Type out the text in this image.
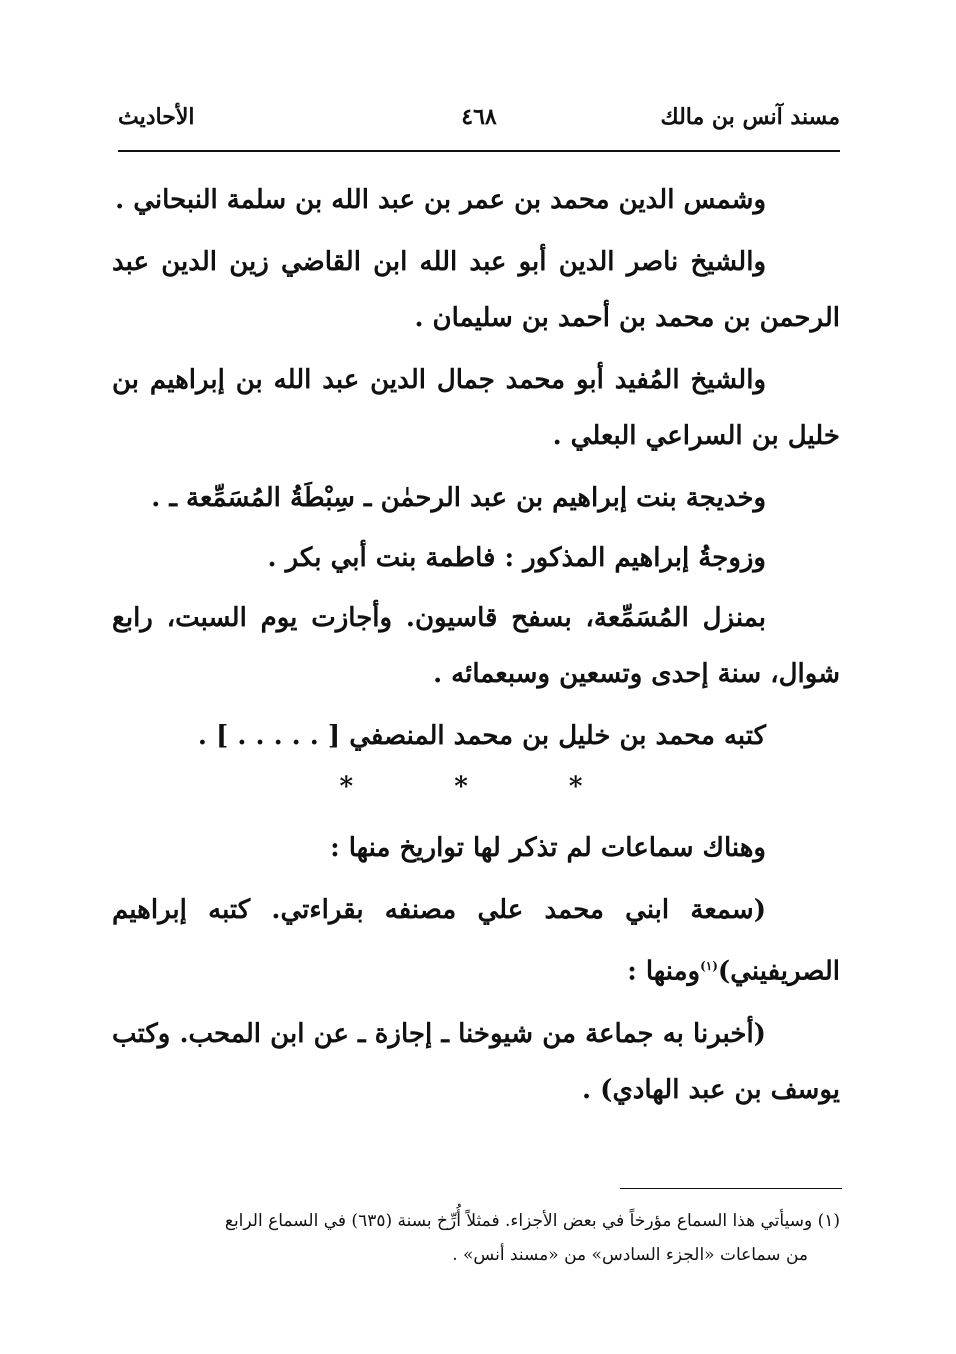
مسند آنس بن مالك
٤٦٨
الأحاديث

وشمس الدين محمد بن عمر بن عبد الله بن سلمة النبحاني .

والشيخ ناصر الدين أبو عبد الله ابن القاضي زين الدين عبد الرحمن بن محمد بن أحمد بن سليمان .

والشيخ المُفيد أبو محمد جمال الدين عبد الله بن إبراهيم بن خليل بن السراعي البعلي .

وخديجة بنت إبراهيم بن عبد الرحمٰن ـ سِبْطَةُ المُسَمِّعة ـ .

وزوجةُ إبراهيم المذكور : فاطمة بنت أبي بكر .

بمنزل المُسَمِّعة، بسفح قاسيون. وأجازت يوم السبت، رابع شوال، سنة إحدى وتسعين وسبعمائه .

كتبه محمد بن خليل بن محمد المنصفي [ . . . . . ] .

*	*	*

وهناك سماعات لم تذكر لها تواريخ منها :

(سمعة ابني محمد علي مصنفه بقراءتي. كتبه إبراهيم الصريفيني)$^{(١)}$ومنها :

(أخبرنا به جماعة من شيوخنا ـ إجازة ـ عن ابن المحب. وكتب يوسف بن عبد الهادي) .

(١) وسيأتي هذا السماع مؤرخاً في بعض الأجزاء. فمثلاً أُرِّخ بسنة (٦٣٥) في السماع الرابع
من سماعات «الجزء السادس» من «مسند أنس» .
